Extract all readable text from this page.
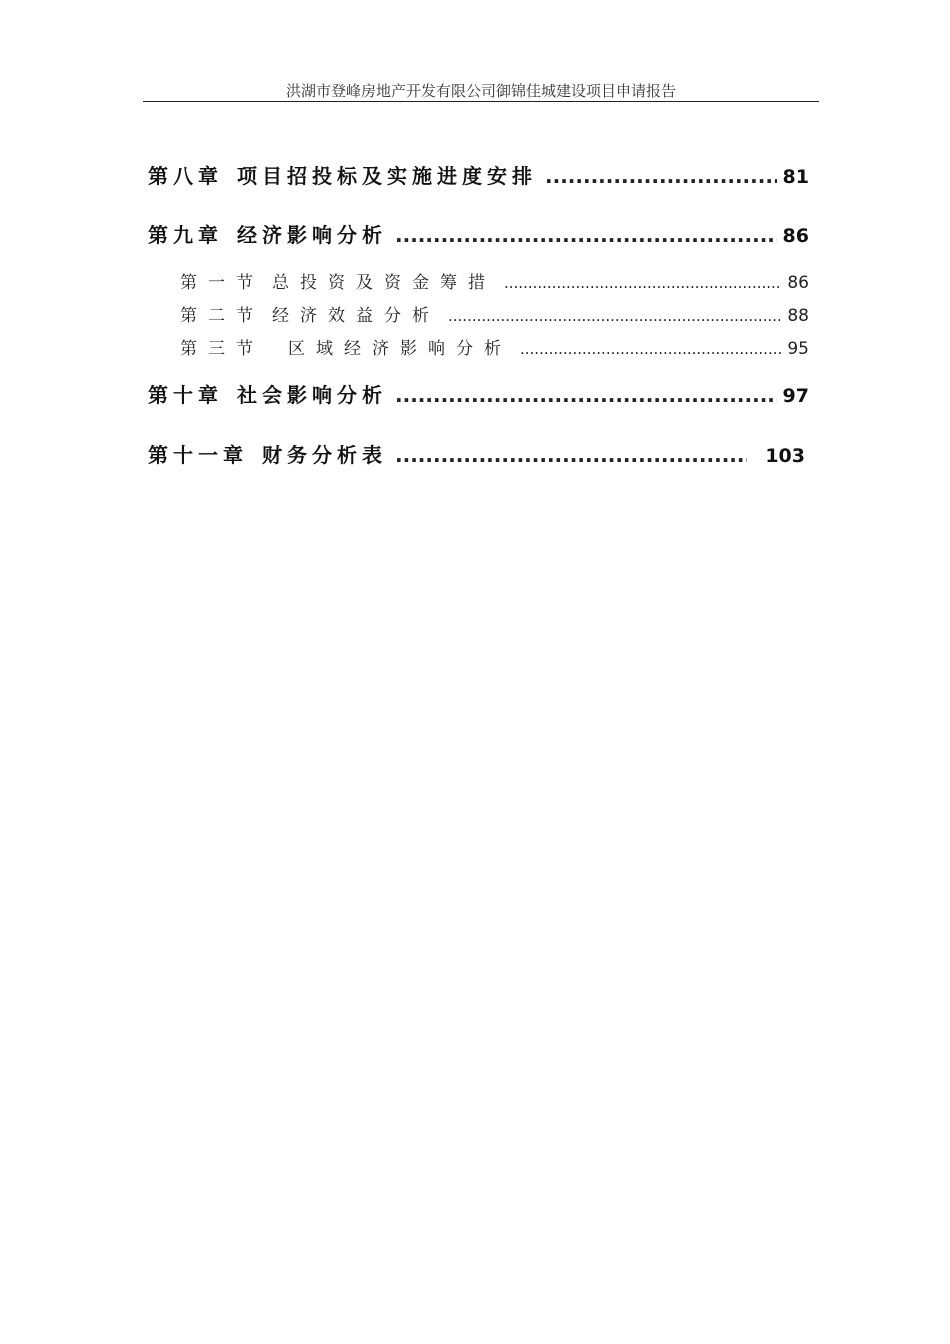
洪湖市登峰房地产开发有限公司御锦佳城建设项目申请报告
第八章 项目招投标及实施进度安排 .....	81
第九章 经济影响分析 .....	86
第一节 总投资及资金筹措 .....	86
第二节 经济效益分析 .....	88
第三节 区域经济影响分析 .....	95
第十章 社会影响分析 .....	97
第十一章 财务分析表 .....	103
